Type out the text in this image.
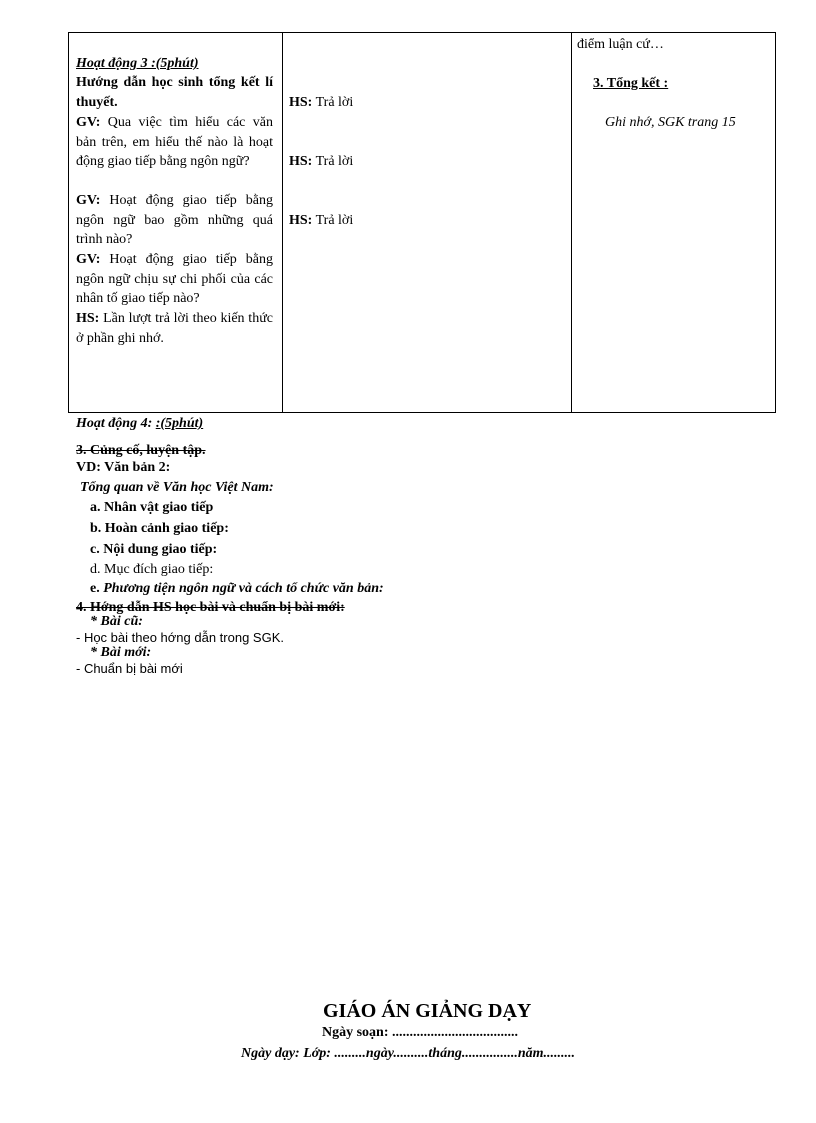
Hoạt động 3 :(5phút)
Hướng dẫn học sinh tổng kết lí thuyết.
GV: Qua việc tìm hiểu các văn bản trên, em hiểu thế nào là hoạt động giao tiếp bằng ngôn ngữ?
GV: Hoạt động giao tiếp bằng ngôn ngữ bao gồm những quá trình nào?
GV: Hoạt động giao tiếp bằng ngôn ngữ chịu sự chi phối của các nhân tố giao tiếp nào?
HS: Lần lượt trả lời theo kiến thức ở phần ghi nhớ.
HS: Trả lời
HS: Trả lời
HS: Trả lời
điểm luận cứ…
3. Tổng kết :
Ghi nhớ, SGK trang 15
Hoạt động 4: :(5phút)
3. Củng cố, luyện tập.
VD: Văn bản 2:
Tổng quan về Văn học Việt Nam:
a. Nhân vật giao tiếp
b. Hoàn cảnh giao tiếp:
c. Nội dung giao tiếp:
d. Mục đích giao tiếp:
e. Phương tiện ngôn ngữ và cách tổ chức văn bản:
4. Hớng dẫn HS học bài và chuẩn bị bài mới:
* Bài cũ:
- Học bài theo hớng dẫn trong SGK.
* Bài mới:
- Chuẩn bị bài mới
GIÁO ÁN GIẢNG DẠY
Ngày soạn: ....................................
Ngày dạy: Lớp: .........ngày..........tháng................năm.........
